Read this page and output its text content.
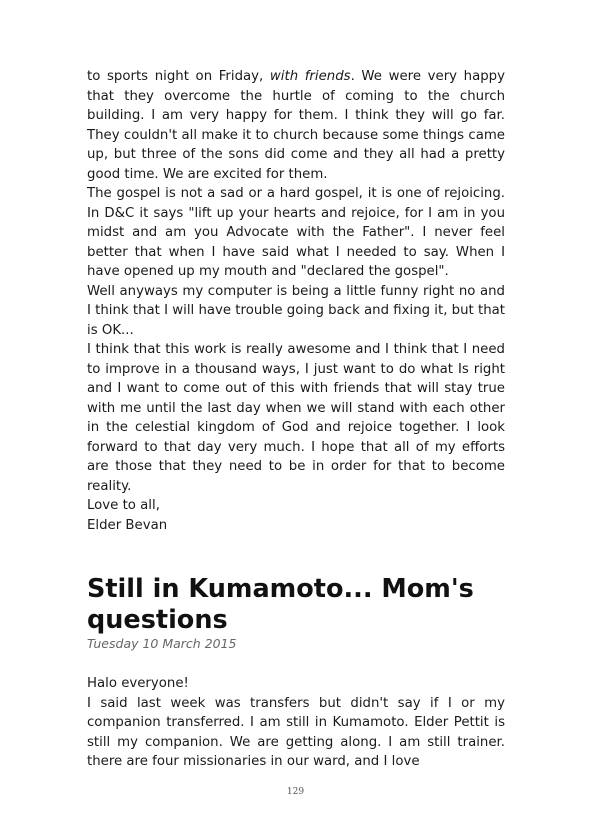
to sports night on Friday, with friends. We were very happy that they overcome the hurtle of coming to the church building. I am very happy for them. I think they will go far. They couldn't all make it to church because some things came up, but three of the sons did come and they all had a pretty good time. We are excited for them.

The gospel is not a sad or a hard gospel, it is one of rejoicing. In D&C it says "lift up your hearts and rejoice, for I am in you midst and am you Advocate with the Father". I never feel better that when I have said what I needed to say. When I have opened up my mouth and "declared the gospel".

Well anyways my computer is being a little funny right no and I think that I will have trouble going back and fixing it, but that is OK...

I think that this work is really awesome and I think that I need to improve in a thousand ways, I just want to do what Is right and I want to come out of this with friends that will stay true with me until the last day when we will stand with each other in the celestial kingdom of God and rejoice together. I look forward to that day very much. I hope that all of my efforts are those that they need to be in order for that to become reality.

Love to all,

Elder Bevan

Still in Kumamoto... Mom's questions
Tuesday 10 March 2015

Halo everyone!

I said last week was transfers but didn't say if I or my companion transferred. I am still in Kumamoto. Elder Pettit is still my companion. We are getting along. I am still trainer. there are four missionaries in our ward, and I love

129
